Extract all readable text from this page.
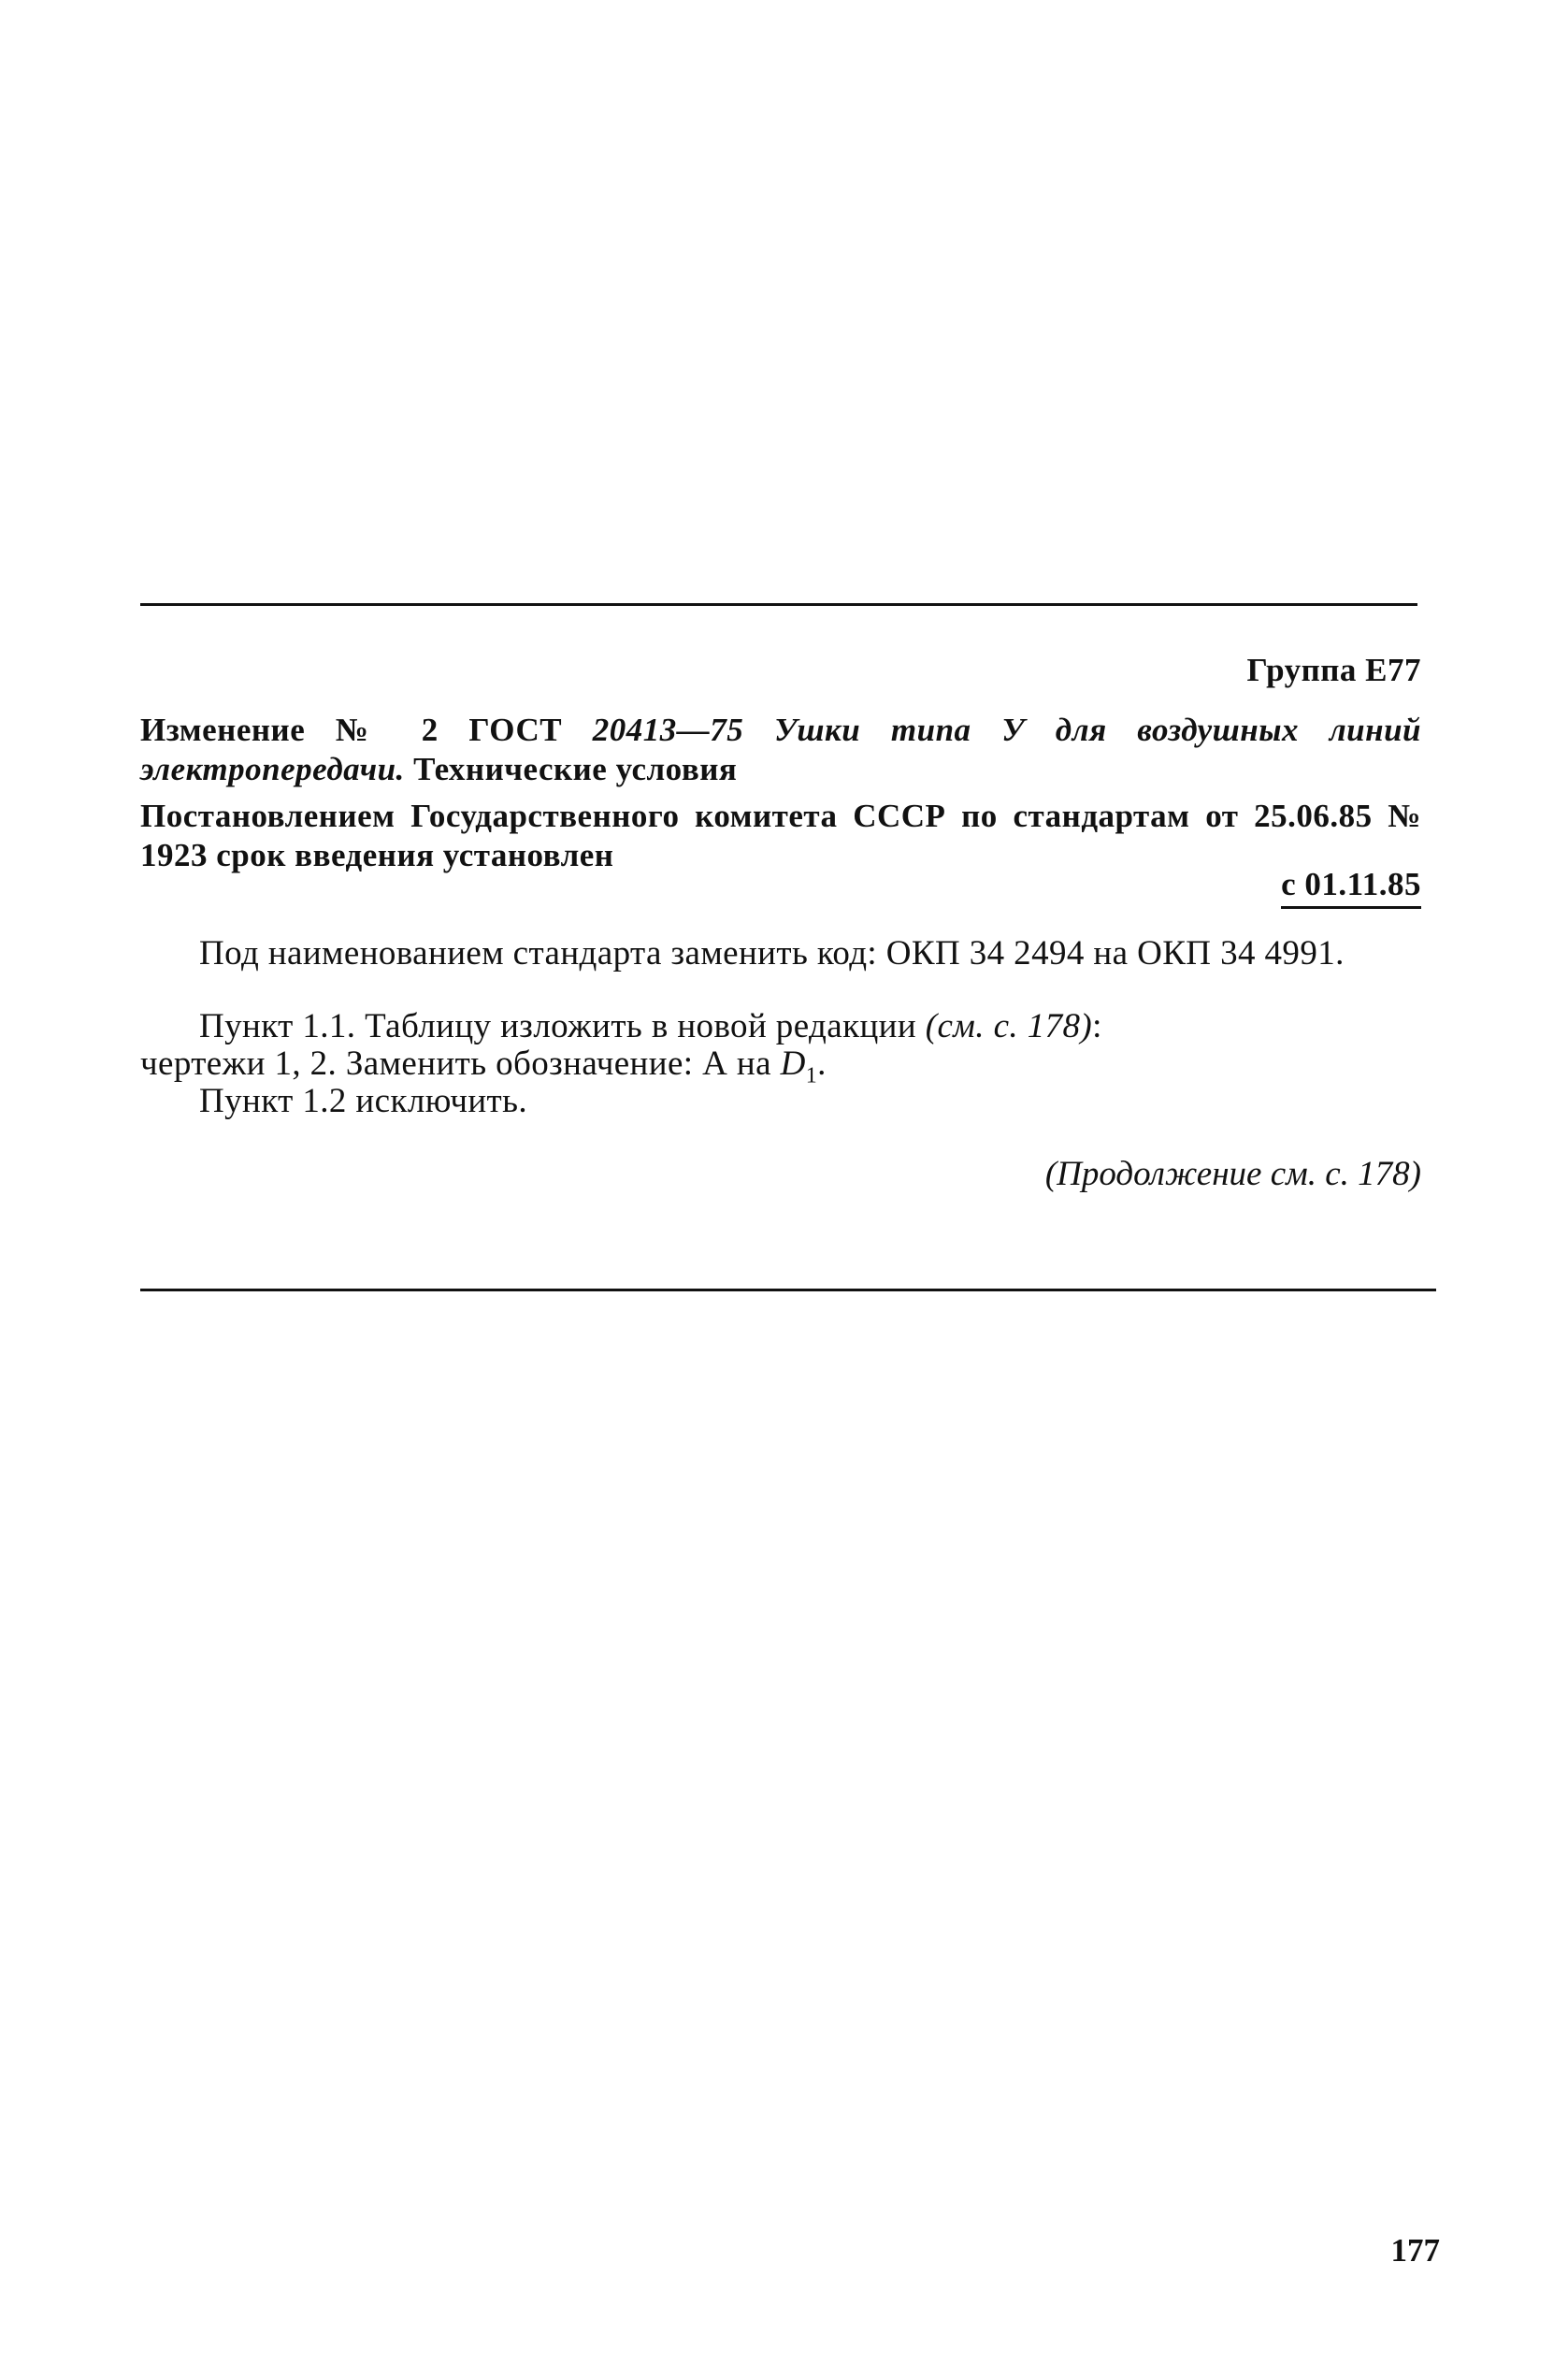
Группа Е77
Изменение № 2 ГОСТ 20413—75 Ушки типа У для воздушных линий электропередачи. Технические условия
Постановлением Государственного комитета СССР по стандартам от 25.06.85 № 1923 срок введения установлен
с 01.11.85
Под наименованием стандарта заменить код: ОКП 34 2494 на ОКП 34 4991.
Пункт 1.1. Таблицу изложить в новой редакции (см. с. 178):
чертежи 1, 2. Заменить обозначение: А на $D_1$.
Пункт 1.2 исключить.
(Продолжение см. с. 178)
177
